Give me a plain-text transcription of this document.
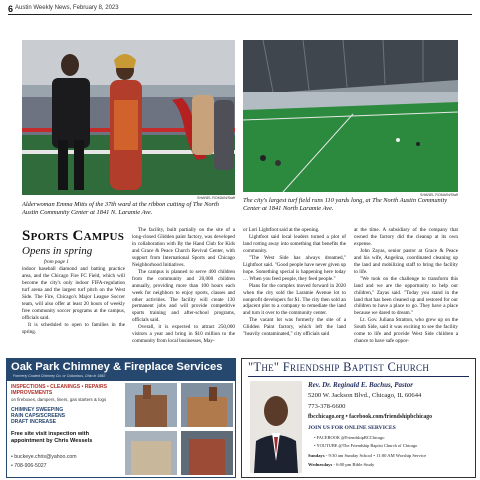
6 Austin Weekly News, February 8, 2023
SHANEL ROMAIN/Staff
SHANEL ROMAIN/Staff
Alderwoman Emma Mitts of the 37th ward at the ribbon cutting of The North Austin Community Center at 1841 N. Laramie Ave.
The city's largest turf field runs 110 yards long, at The North Austin Community Center at 1841 North Laramie Ave.
Sports Campus
Opens in spring
from page 1

indoor baseball diamond and batting practice area, and the Chicago Fire FC Field, which will become the city's only indoor FIFA-regulation turf arena and the largest turf pitch on the West Side. The Fire, Chicago's Major League Soccer team, will also offer at least 20 hours of weekly free community soccer programs at the campus, officials said.

It is scheduled to open to families in the spring.

The facility, built partially on the site of a long-closed Glidden paint factory, was developed in collaboration with By the Hand Club for Kids and Grace & Peace Church Revival Center, with support from International Sports and Chicago Neighborhood Initiatives.

The campus is planned to serve 400 children from the community and 20,000 children annually, providing more than 100 hours each week for neighbors to enjoy sports, classes and other activities. The facility will create 130 permanent jobs and will provide competitive sports training and after-school programs, officials said.

Overall, it is expected to attract 250,000 visitors a year and bring in $10 million to the community from local businesses, May-

or Lori Lightfoot said at the opening.

Lightfoot said local leaders turned a plot of land rotting away into something that benefits the community.

"The West Side has always dreamed," Lightfoot said. "Good people have never given up hope. Something special is happening here today … When you feed people, they feed people."

Plans for the complex moved forward in 2020 when the city sold the Laramie Avenue lot to nonprofit developers for $1. The city then sold an adjacent plot to a company to remediate the land and turn it over to the community center.

The vacant lot was formerly the site of a Glidden Paint factory, which left the land "heavily contaminated," city officials said

at the time. A subsidiary of the company that owned the factory did the cleanup at its own expense.

John Zayas, senior pastor at Grace & Peace and his wife, Angelina, coordinated cleaning up the land and mobilizing staff to bring the facility to life.

"We took on the challenge to transform this land and we are the opportunity to help our children," Zayas said. "Today you stand in the land that has been cleaned up and restored for our children to have a place to go. They have a place because we dared to dream."

Lt. Gov. Juliana Stratton, who grew up on the South Side, said it was exciting to see the facility come to life and provide West Side children a chance to have safe oppor-

Oak Park Chimney & Fireplace Services
Formerly Coated Chimney Co. or Columbus, Ohio in 1982
INSPECTIONS • CLEANINGS • REPAIRS IMPROVEMENTS
on fireboxes, dampers, liners, gas starters & logs
CHIMNEY SWEEPING
RAIN CAPS/SCREENS
DRAFT INCREASE
Free site visit inspection with appointment by Chris Wessels
• buckeye.chris@yahoo.com
• 708-906-5027
"The" Friendship Baptist Church
Rev. Dr. Reginald E. Bachus, Pastor
5200 W. Jackson Blvd., Chicago, IL 60644
773-378-6600
fbcchicago.org • facebook.com/friendshipbchicago
JOIN US FOR ONLINE SERVICES
• FACEBOOK @FriendshipBCChicago
• YOUTUBE @The Friendship Baptist Church of Chicago
Sundays - 9:30 am Sunday School • 11:00 AM Worship Service
Wednesdays - 6:00 pm Bible Study
